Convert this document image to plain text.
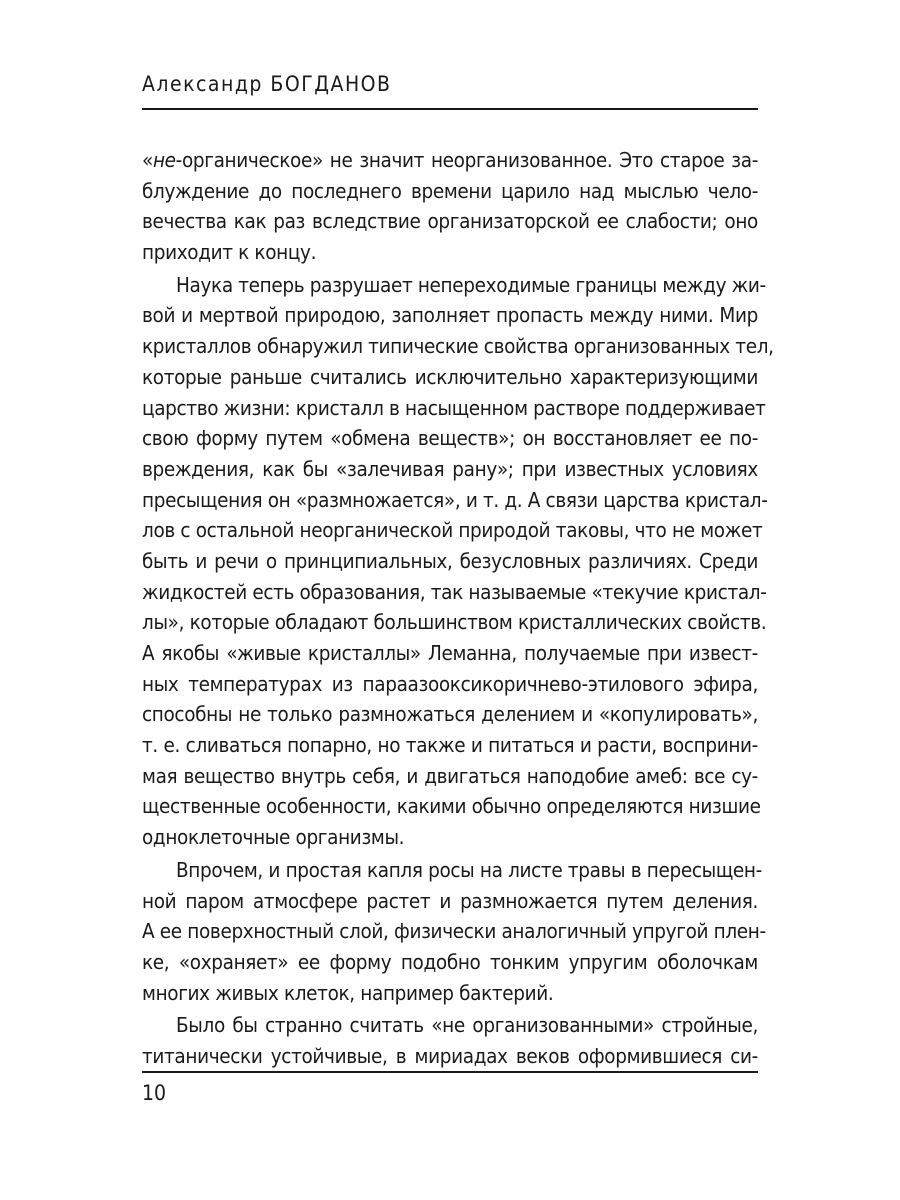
Александр БОГДАНОВ
«не-органическое» не значит неорганизованное. Это старое за-
блуждение до последнего времени царило над мыслью чело-
вечества как раз вследствие организаторской ее слабости; оно
приходит к концу.
Наука теперь разрушает непереходимые границы между жи-
вой и мертвой природою, заполняет пропасть между ними. Мир
кристаллов обнаружил типические свойства организованных тел,
которые раньше считались исключительно характеризующими
царство жизни: кристалл в насыщенном растворе поддерживает
свою форму путем «обмена веществ»; он восстановляет ее по-
вреждения, как бы «залечивая рану»; при известных условиях
пресыщения он «размножается», и т. д. А связи царства кристал-
лов с остальной неорганической природой таковы, что не может
быть и речи о принципиальных, безусловных различиях. Среди
жидкостей есть образования, так называемые «текучие кристал-
лы», которые обладают большинством кристаллических свойств.
А якобы «живые кристаллы» Леманна, получаемые при извест-
ных температурах из параазооксикоричнево-этилового эфира,
способны не только размножаться делением и «копулировать»,
т. е. сливаться попарно, но также и питаться и расти, восприни-
мая вещество внутрь себя, и двигаться наподобие амеб: все су-
щественные особенности, какими обычно определяются низшие
одноклеточные организмы.
Впрочем, и простая капля росы на листе травы в пересыщен-
ной паром атмосфере растет и размножается путем деления.
А ее поверхностный слой, физически аналогичный упругой плен-
ке, «охраняет» ее форму подобно тонким упругим оболочкам
многих живых клеток, например бактерий.
Было бы странно считать «не организованными» стройные,
титанически устойчивые, в мириадах веков оформившиеся си-
10
